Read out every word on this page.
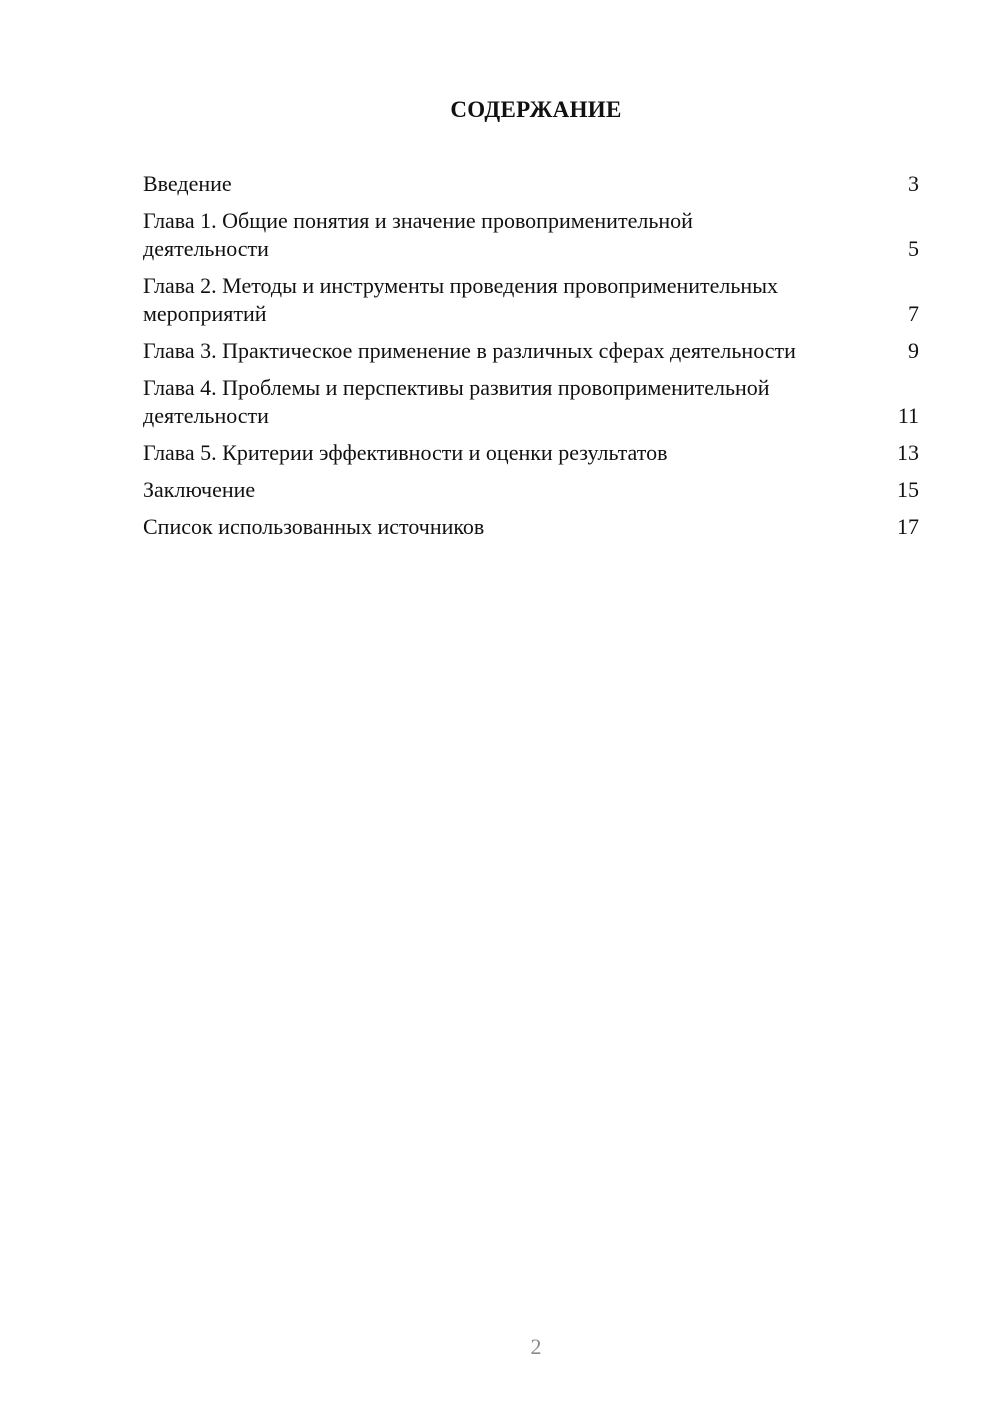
СОДЕРЖАНИЕ
Введение	3
Глава 1. Общие понятия и значение провоприменительной деятельности	5
Глава 2. Методы и инструменты проведения провоприменительных мероприятий	7
Глава 3. Практическое применение в различных сферах деятельности	9
Глава 4. Проблемы и перспективы развития провоприменительной деятельности	11
Глава 5. Критерии эффективности и оценки результатов	13
Заключение	15
Список использованных источников	17
2
